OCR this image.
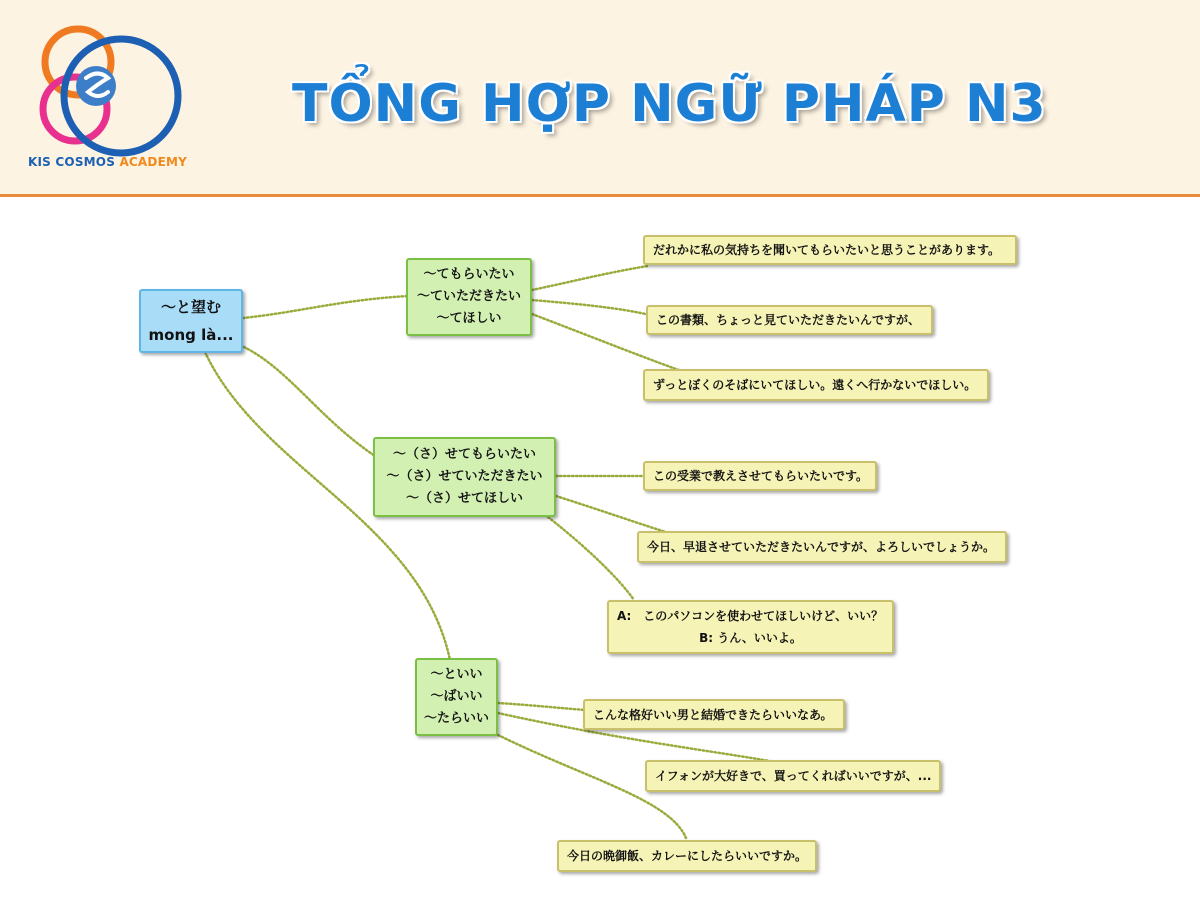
KIS COSMOS ACADEMY
TỔNG HỢP NGỮ PHÁP N3
～と望む
mong là...
～てもらいたい
～ていただきたい
～てほしい
～（さ）せてもらいたい
～（さ）せていただきたい
～（さ）せてほしい
～といい
～ばいい
～たらいい
だれかに私の気持ちを聞いてもらいたいと思うことがあります。
この書類、ちょっと見ていただきたいんですが、
ずっとぼくのそばにいてほしい。遠くへ行かないでほしい。
この受業で教えさせてもらいたいです。
今日、早退させていただきたいんですが、よろしいでしょうか。
A:　このパソコンを使わせてほしいけど、いい？
B: うん、いいよ。
こんな格好いい男と結婚できたらいいなあ。
イフォンが大好きで、買ってくればいいですが、...
今日の晩御飯、カレーにしたらいいですか。
